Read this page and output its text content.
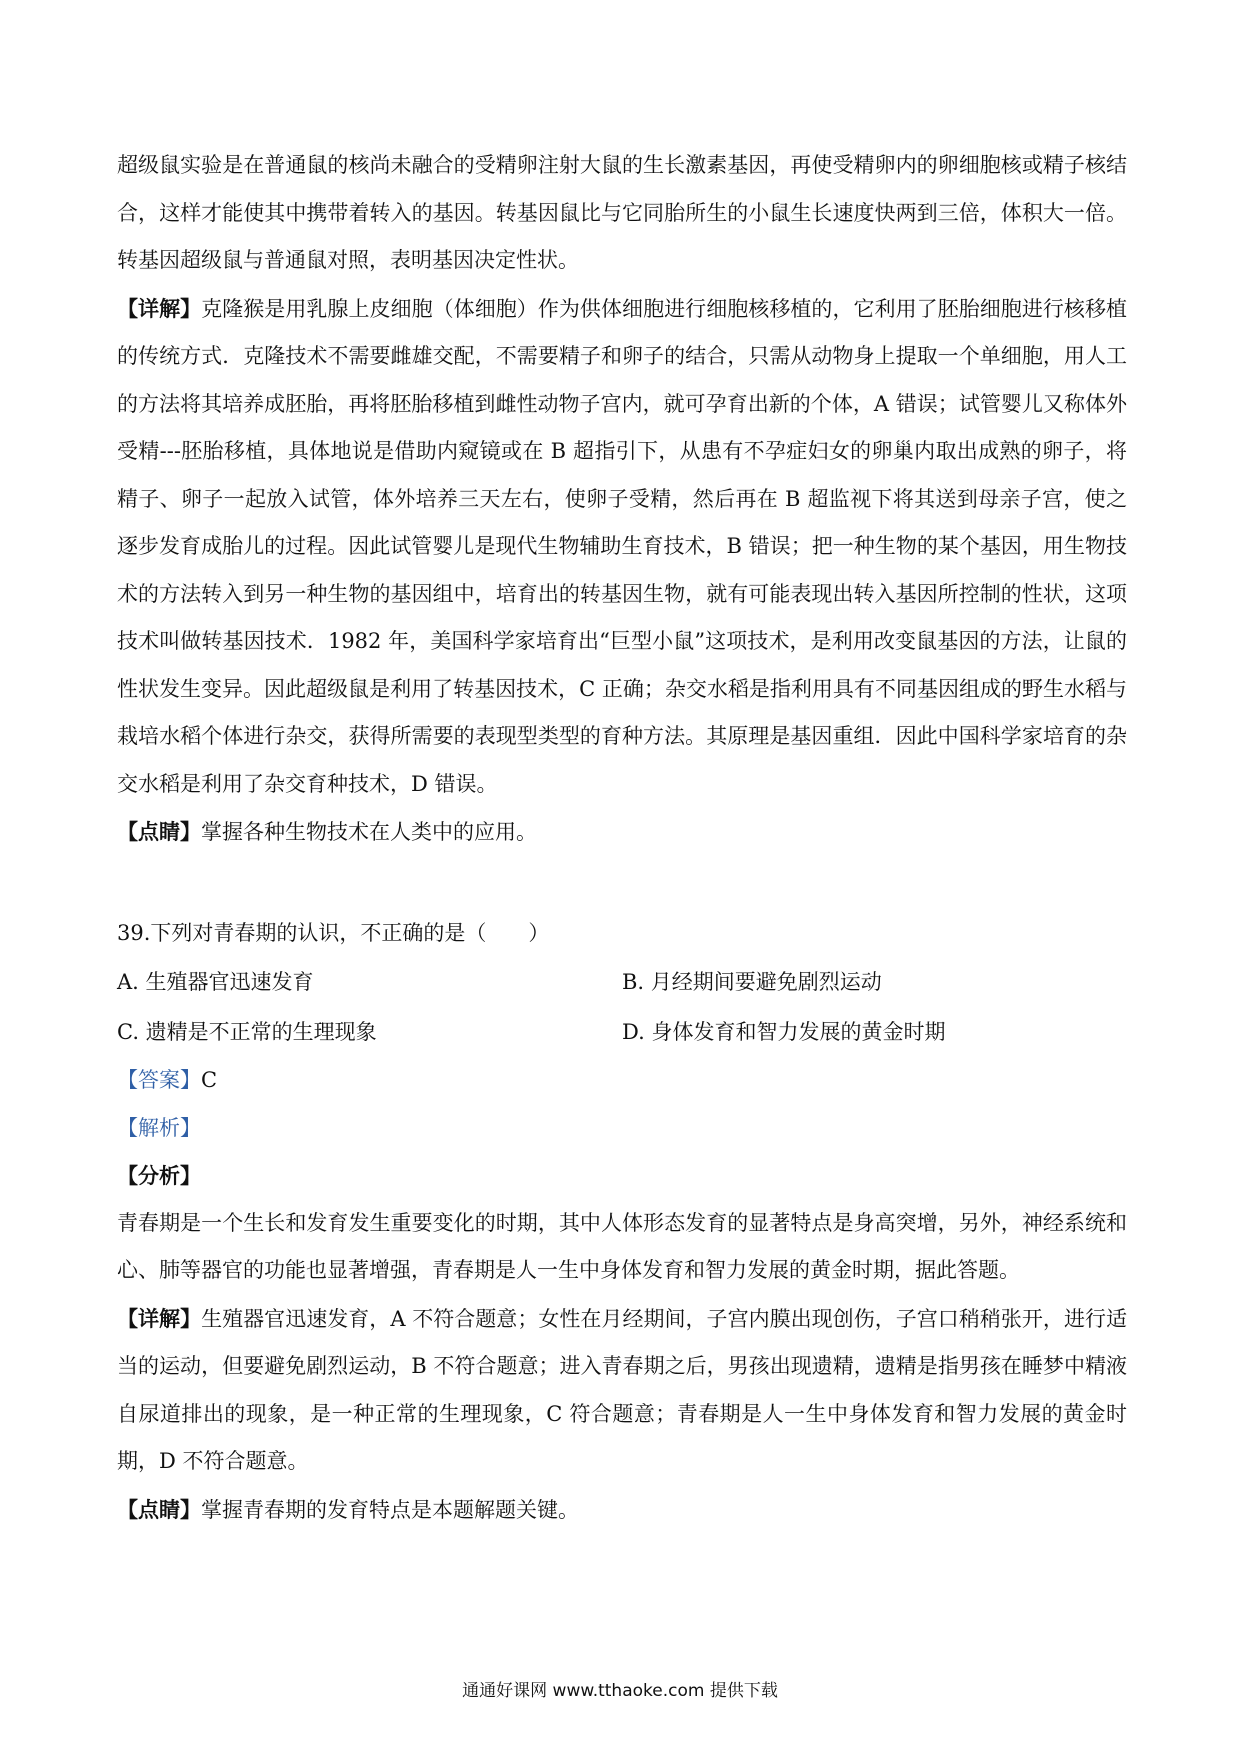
超级鼠实验是在普通鼠的核尚未融合的受精卵注射大鼠的生长激素基因，再使受精卵内的卵细胞核或精子核结合，这样才能使其中携带着转入的基因。转基因鼠比与它同胎所生的小鼠生长速度快两到三倍，体积大一倍。转基因超级鼠与普通鼠对照，表明基因决定性状。

【详解】克隆猴是用乳腺上皮细胞（体细胞）作为供体细胞进行细胞核移植的，它利用了胚胎细胞进行核移植的传统方式．克隆技术不需要雌雄交配，不需要精子和卵子的结合，只需从动物身上提取一个单细胞，用人工的方法将其培养成胚胎，再将胚胎移植到雌性动物子宫内，就可孕育出新的个体，A 错误；试管婴儿又称体外受精---胚胎移植，具体地说是借助内窥镜或在 B 超指引下，从患有不孕症妇女的卵巢内取出成熟的卵子，将精子、卵子一起放入试管，体外培养三天左右，使卵子受精，然后再在 B 超监视下将其送到母亲子宫，使之逐步发育成胎儿的过程。因此试管婴儿是现代生物辅助生育技术，B 错误；把一种生物的某个基因，用生物技术的方法转入到另一种生物的基因组中，培育出的转基因生物，就有可能表现出转入基因所控制的性状，这项技术叫做转基因技术．1982 年，美国科学家培育出“巨型小鼠”这项技术，是利用改变鼠基因的方法，让鼠的性状发生变异。因此超级鼠是利用了转基因技术，C 正确；杂交水稻是指利用具有不同基因组成的野生水稻与栽培水稻个体进行杂交，获得所需要的表现型类型的育种方法。其原理是基因重组．因此中国科学家培育的杂交水稻是利用了杂交育种技术，D 错误。

【点睛】掌握各种生物技术在人类中的应用。

39.下列对青春期的认识，不正确的是（　　）

A. 生殖器官迅速发育	B. 月经期间要避免剧烈运动
C. 遗精是不正常的生理现象	D. 身体发育和智力发展的黄金时期

【答案】C

【解析】

【分析】

青春期是一个生长和发育发生重要变化的时期，其中人体形态发育的显著特点是身高突增，另外，神经系统和心、肺等器官的功能也显著增强，青春期是人一生中身体发育和智力发展的黄金时期，据此答题。

【详解】生殖器官迅速发育，A 不符合题意；女性在月经期间，子宫内膜出现创伤，子宫口稍稍张开，进行适当的运动，但要避免剧烈运动，B 不符合题意；进入青春期之后，男孩出现遗精，遗精是指男孩在睡梦中精液自尿道排出的现象，是一种正常的生理现象，C 符合题意；青春期是人一生中身体发育和智力发展的黄金时期，D 不符合题意。

【点睛】掌握青春期的发育特点是本题解题关键。

通通好课网 www.tthaoke.com 提供下载
